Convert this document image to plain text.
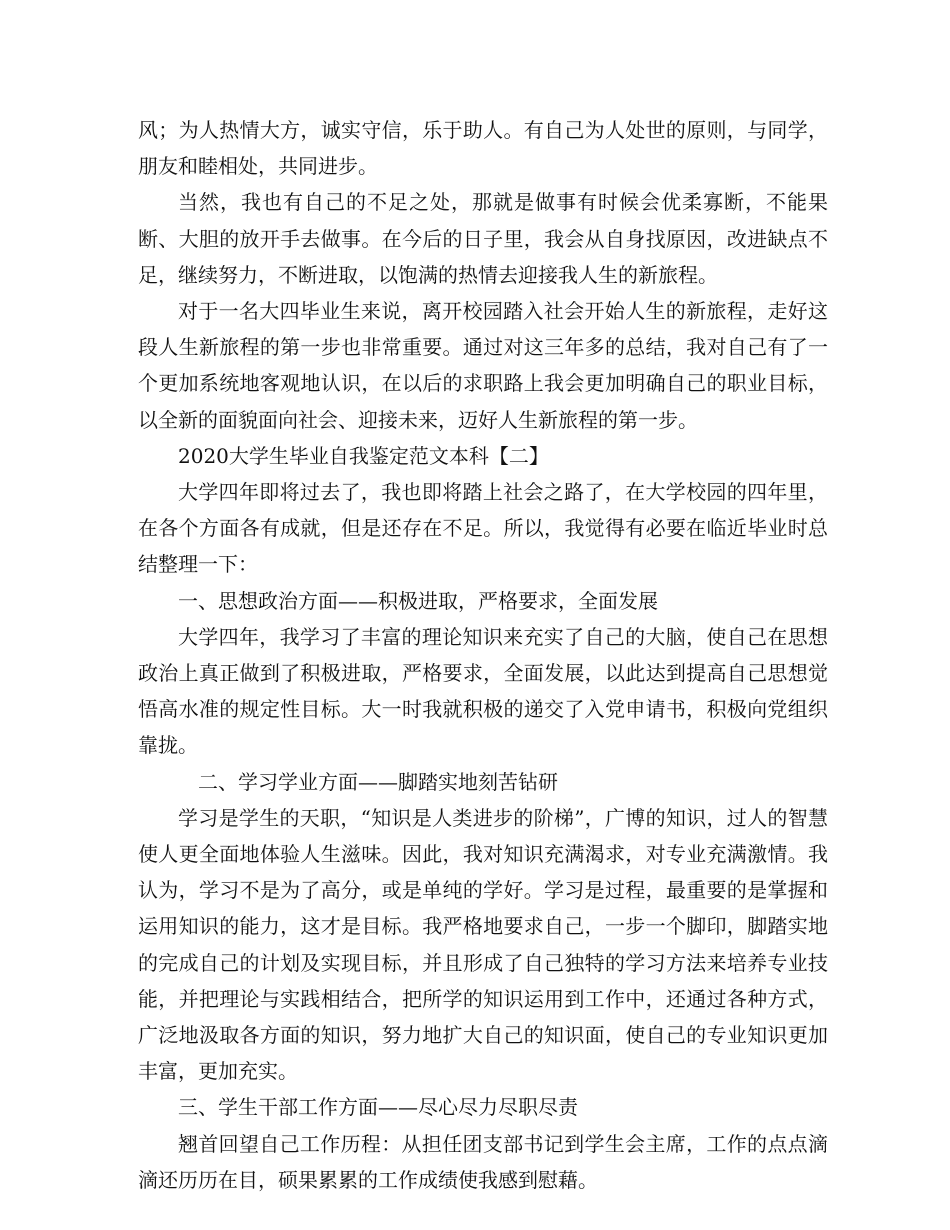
风；为人热情大方，诚实守信，乐于助人。有自己为人处世的原则，与同学，朋友和睦相处，共同进步。

当然，我也有自己的不足之处，那就是做事有时候会优柔寡断，不能果断、大胆的放开手去做事。在今后的日子里，我会从自身找原因，改进缺点不足，继续努力，不断进取，以饱满的热情去迎接我人生的新旅程。

对于一名大四毕业生来说，离开校园踏入社会开始人生的新旅程，走好这段人生新旅程的第一步也非常重要。通过对这三年多的总结，我对自己有了一个更加系统地客观地认识，在以后的求职路上我会更加明确自己的职业目标，以全新的面貌面向社会、迎接未来，迈好人生新旅程的第一步。

2020大学生毕业自我鉴定范文本科【二】

大学四年即将过去了，我也即将踏上社会之路了，在大学校园的四年里，在各个方面各有成就，但是还存在不足。所以，我觉得有必要在临近毕业时总结整理一下：

一、思想政治方面——积极进取，严格要求，全面发展

大学四年，我学习了丰富的理论知识来充实了自己的大脑，使自己在思想政治上真正做到了积极进取，严格要求，全面发展，以此达到提高自己思想觉悟高水准的规定性目标。大一时我就积极的递交了入党申请书，积极向党组织靠拢。

二、学习学业方面——脚踏实地刻苦钻研

学习是学生的天职，“知识是人类进步的阶梯”，广博的知识，过人的智慧使人更全面地体验人生滋味。因此，我对知识充满渴求，对专业充满激情。我认为，学习不是为了高分，或是单纯的学好。学习是过程，最重要的是掌握和运用知识的能力，这才是目标。我严格地要求自己，一步一个脚印，脚踏实地的完成自己的计划及实现目标，并且形成了自己独特的学习方法来培养专业技能，并把理论与实践相结合，把所学的知识运用到工作中，还通过各种方式，广泛地汲取各方面的知识，努力地扩大自己的知识面，使自己的专业知识更加丰富，更加充实。

三、学生干部工作方面——尽心尽力尽职尽责

翘首回望自己工作历程：从担任团支部书记到学生会主席，工作的点点滴滴还历历在目，硕果累累的工作成绩使我感到慰藉。
